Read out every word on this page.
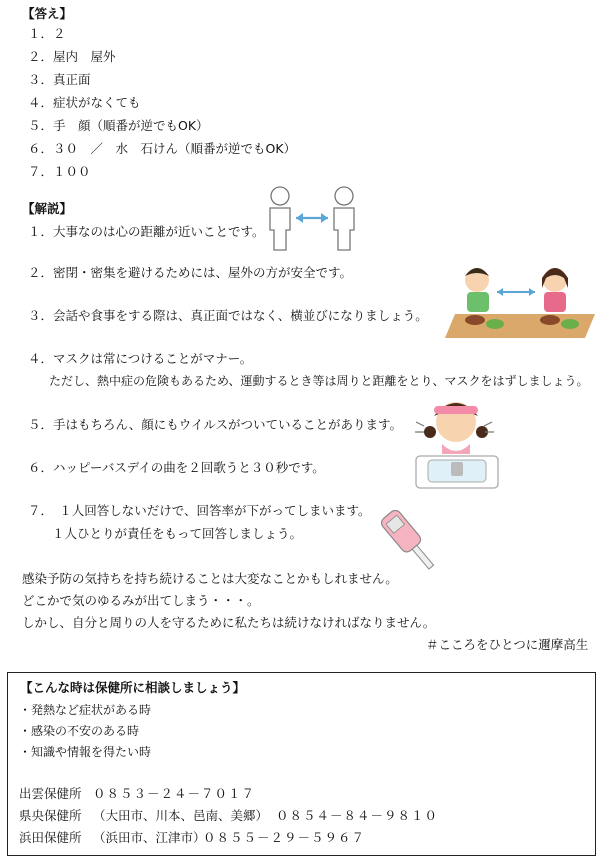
【答え】
１．２
２．屋内　屋外
３．真正面
４．症状がなくても
５．手　顔（順番が逆でもOK）
６．３０　／　水　石けん（順番が逆でもOK）
７．１００
【解説】
１．大事なのは心の距離が近いことです。
２．密閉・密集を避けるためには、屋外の方が安全です。
３．会話や食事をする際は、真正面ではなく、横並びになりましょう。
４．マスクは常につけることがマナー。
ただし、熱中症の危険もあるため、運動するとき等は周りと距離をとり、マスクをはずしましょう。
５．手はもちろん、顔にもウイルスがついていることがあります。
６．ハッピーバスデイの曲を２回歌うと３０秒です。
７．　１人回答しないだけで、回答率が下がってしまいます。
１人ひとりが責任をもって回答しましょう。
感染予防の気持ちを持ち続けることは大変なことかもしれません。
どこかで気のゆるみが出てしまう・・・。
しかし、自分と周りの人を守るために私たちは続けなければなりません。
＃こころをひとつに邇摩高生
【こんな時は保健所に相談しましょう】
・発熱など症状がある時
・感染の不安のある時
・知識や情報を得たい時
出雲保健所 ０８５３－２４－７０１７
県央保健所 （大田市、川本、邑南、美郷） ０８５４－８４－９８１０
浜田保健所 （浜田市、江津市）
０８５５－２９－５９６７
